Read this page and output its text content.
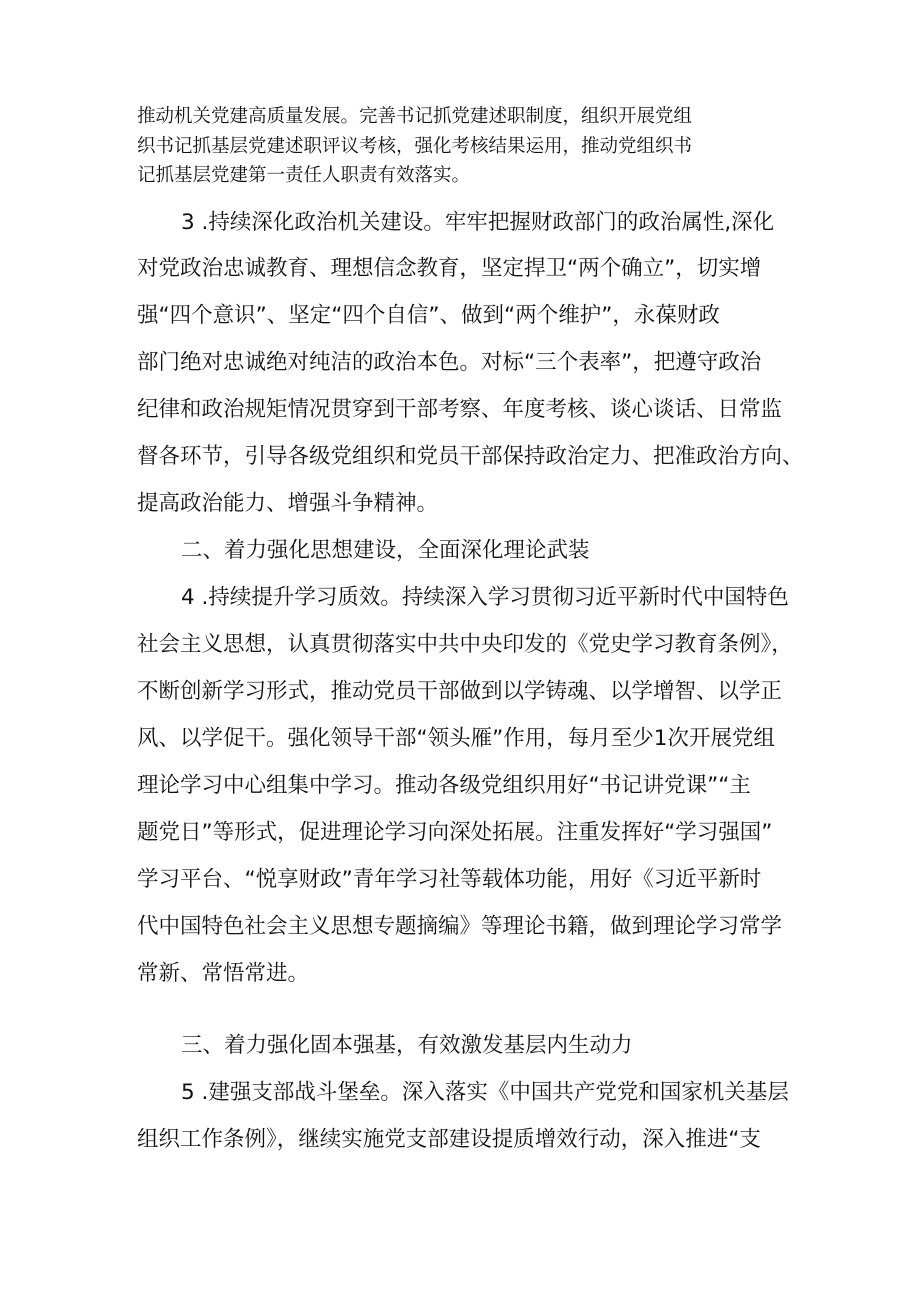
推动机关党建高质量发展。完善书记抓党建述职制度，组织开展党组

织书记抓基层党建述职评议考核，强化考核结果运用，推动党组织书

记抓基层党建第一责任人职责有效落实。

3 .持续深化政治机关建设。牢牢把握财政部门的政治属性,深化

对党政治忠诚教育、理想信念教育，坚定捍卫“两个确立”，切实增

强“四个意识”、坚定“四个自信”、做到“两个维护”，永葆财政

部门绝对忠诚绝对纯洁的政治本色。对标“三个表率”，把遵守政治

纪律和政治规矩情况贯穿到干部考察、年度考核、谈心谈话、日常监

督各环节，引导各级党组织和党员干部保持政治定力、把准政治方向、

提高政治能力、增强斗争精神。

二、着力强化思想建设，全面深化理论武装

4 .持续提升学习质效。持续深入学习贯彻习近平新时代中国特色

社会主义思想，认真贯彻落实中共中央印发的《党史学习教育条例》，

不断创新学习形式，推动党员干部做到以学铸魂、以学增智、以学正

风、以学促干。强化领导干部“领头雁”作用，每月至少1次开展党组

理论学习中心组集中学习。推动各级党组织用好“书记讲党课”“主

题党日”等形式，促进理论学习向深处拓展。注重发挥好“学习强国”

学习平台、“悦享财政”青年学习社等载体功能，用好《习近平新时

代中国特色社会主义思想专题摘编》等理论书籍，做到理论学习常学

常新、常悟常进。

三、着力强化固本强基，有效激发基层内生动力

5 .建强支部战斗堡垒。深入落实《中国共产党党和国家机关基层

组织工作条例》，继续实施党支部建设提质增效行动，深入推进“支
